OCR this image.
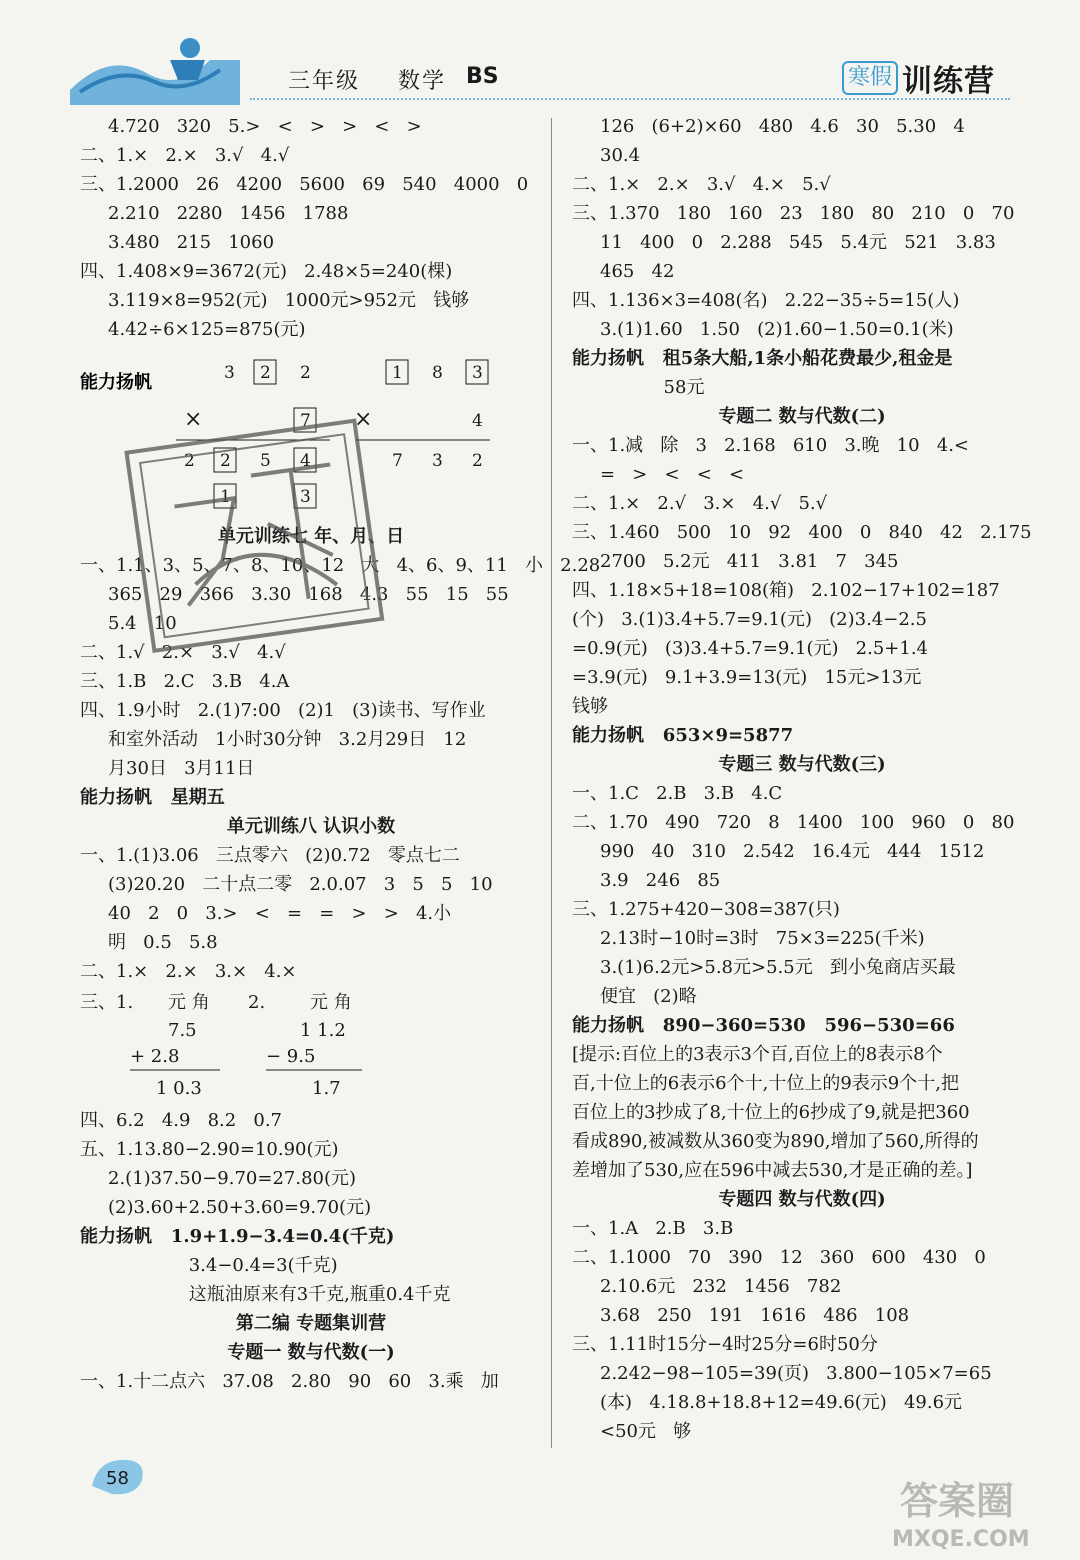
三年级 数学 BS	寒假 训练营
4.720   320   5.>   <   >   >   <   >
二、1.×   2.×   3.√   4.√
三、1.2000   26   4200   5600   69   540   4000   0
2.210   2280   1456   1788
3.480   215   1060
四、1.408×9=3672(元)   2.48×5=240(棵)
3.119×8=952(元)   1000元>952元   钱够
4.42÷6×125=875(元)

能力扬帆	3 2 2	1 8 3
×	7 ×	4
2 2 5 4	7 3 2
1	3

单元训练七 年、月、日
一、1.1、3、5、7、8、10、12   大   4、6、9、11   小   2.28
365   29   366   3.30   168   4.3   55   15   55
5.4   10
二、1.√   2.×   3.√   4.√
三、1.B   2.C   3.B   4.A
四、1.9小时   2.(1)7:00   (2)1   (3)读书、写作业
和室外活动   1小时30分钟   3.2月29日   12
月30日   3月11日
能力扬帆   星期五
单元训练八 认识小数
一、1.(1)3.06   三点零六   (2)0.72   零点七二
(3)20.20   二十点二零   2.0.07   3   5   5   10
40   2   0   3.>   <   =   =   >   >   4.小
明   0.5   5.8
二、1.×   2.×   3.×   4.×
三、1. 元 角
7.5
+ 2.8
1 0.3
2. 元 角
1 1.2
− 9.5
1.7
四、6.2   4.9   8.2   0.7
五、1.13.80−2.90=10.90(元)
2.(1)37.50−9.70=27.80(元)
(2)3.60+2.50+3.60=9.70(元)
能力扬帆   1.9+1.9−3.4=0.4(千克)
3.4−0.4=3(千克)
这瓶油原来有3千克,瓶重0.4千克
第二编 专题集训营
专题一 数与代数(一)
一、1.十二点六   37.08   2.80   90   60   3.乘   加
126   (6+2)×60   480   4.6   30   5.30   4
30.4
二、1.×   2.×   3.√   4.×   5.√
三、1.370   180   160   23   180   80   210   0   70
11   400   0   2.288   545   5.4元   521   3.83
465   42
四、1.136×3=408(名)   2.22−35÷5=15(人)
3.(1)1.60   1.50   (2)1.60−1.50=0.1(米)
能力扬帆   租5条大船,1条小船花费最少,租金是
58元
专题二 数与代数(二)
一、1.减   除   3   2.168   610   3.晚   10   4.<
=   >   <   <   <
二、1.×   2.√   3.×   4.√   5.√
三、1.460   500   10   92   400   0   840   42   2.175
2700   5.2元   411   3.81   7   345
四、1.18×5+18=108(箱)   2.102−17+102=187
(个)   3.(1)3.4+5.7=9.1(元)   (2)3.4−2.5
=0.9(元)   (3)3.4+5.7=9.1(元)   2.5+1.4
=3.9(元)   9.1+3.9=13(元)   15元>13元
钱够
能力扬帆   653×9=5877
专题三 数与代数(三)
一、1.C   2.B   3.B   4.C
二、1.70   490   720   8   1400   100   960   0   80
990   40   310   2.542   16.4元   444   1512
3.9   246   85
三、1.275+420−308=387(只)
2.13时−10时=3时   75×3=225(千米)
3.(1)6.2元>5.8元>5.5元   到小兔商店买最
便宜   (2)略
能力扬帆   890−360=530   596−530=66
[提示:百位上的3表示3个百,百位上的8表示8个
百,十位上的6表示6个十,十位上的9表示9个十,把
百位上的3抄成了8,十位上的6抄成了9,就是把360
看成890,被减数从360变为890,增加了560,所得的
差增加了530,应在596中减去530,才是正确的差。]
专题四 数与代数(四)
一、1.A   2.B   3.B
二、1.1000   70   390   12   360   600   430   0
2.10.6元   232   1456   782
3.68   250   191   1616   486   108
三、1.11时15分−4时25分=6时50分
2.242−98−105=39(页)   3.800−105×7=65
(本)   4.18.8+18.8+12=49.6(元)   49.6元
<50元   够
58
答案圈
MXQE.COM
